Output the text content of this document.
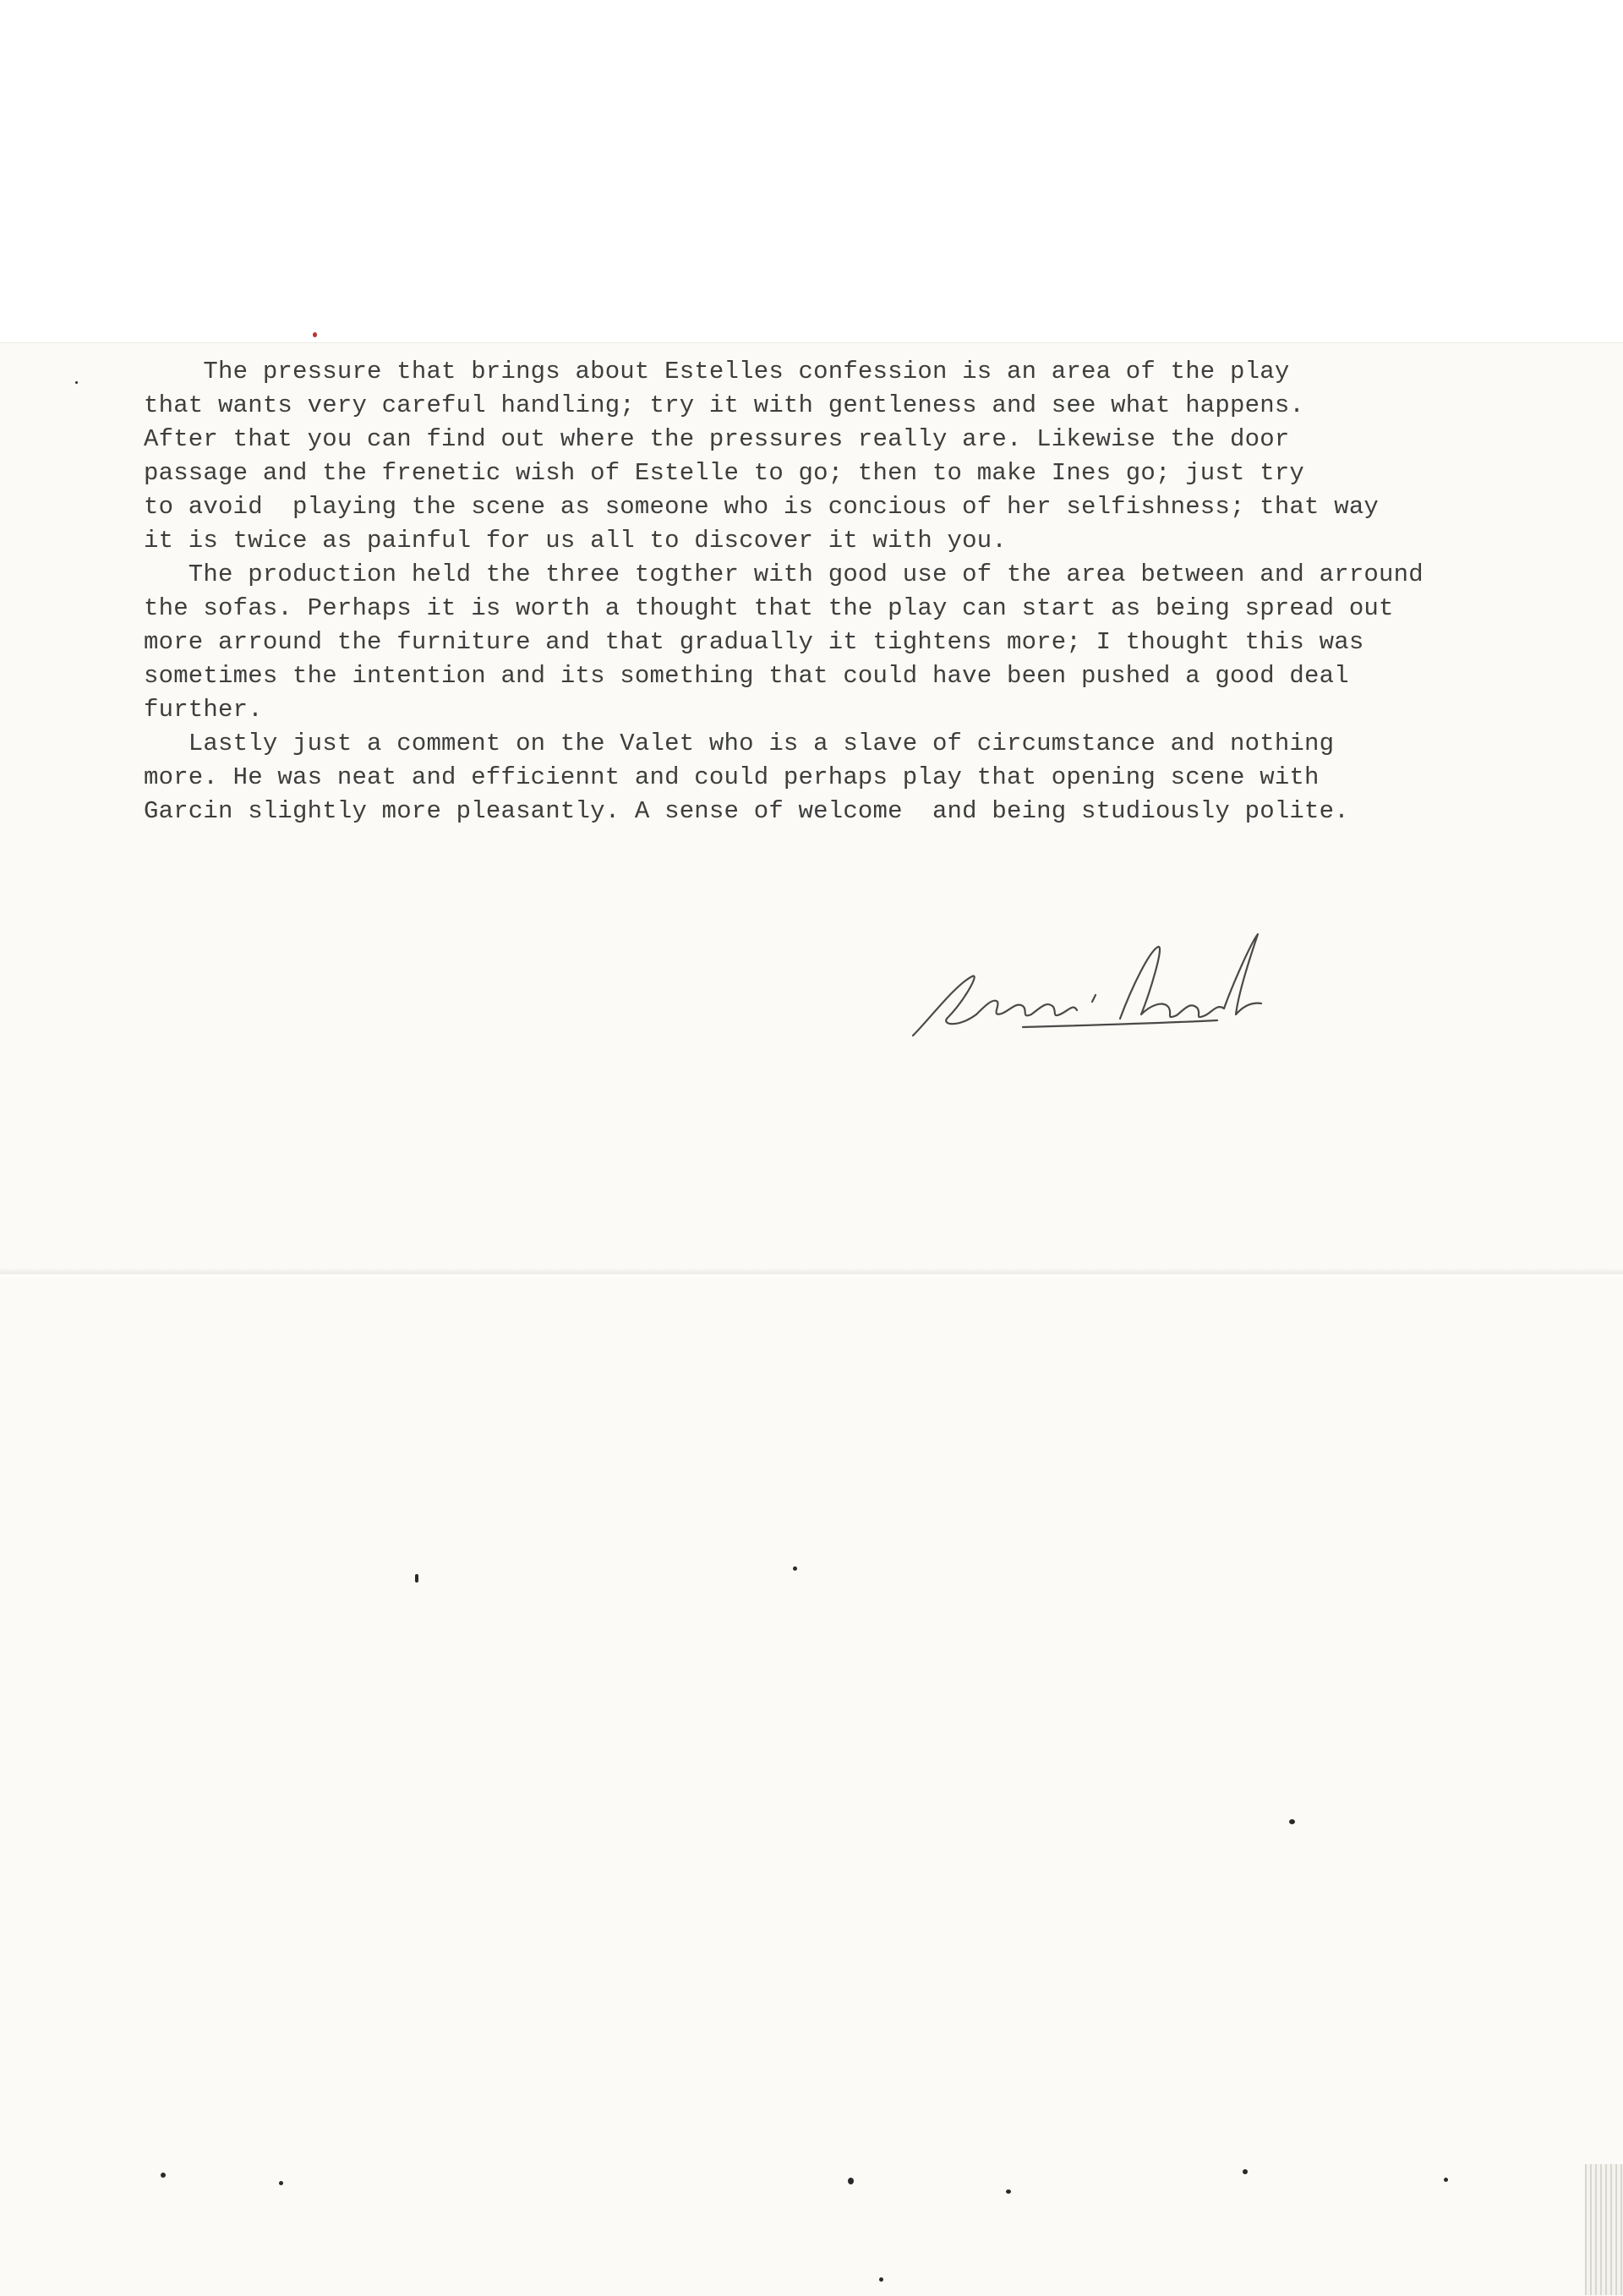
The pressure that brings about Estelles confession is an area of the play

that wants very careful handling; try it with gentleness and see what happens.

After that you can find out where the pressures really are. Likewise the door

passage and the frenetic wish of Estelle to go; then to make Ines go; just try

to avoid  playing the scene as someone who is concious of her selfishness; that way

it is twice as painful for us all to discover it with you.

The production held the three togther with good use of the area between and arround

the sofas. Perhaps it is worth a thought that the play can start as being spread out

more arround the furniture and that gradually it tightens more; I thought this was

sometimes the intention and its something that could have been pushed a good deal

further.

Lastly just a comment on the Valet who is a slave of circumstance and nothing

more. He was neat and efficiennt and could perhaps play that opening scene with

Garcin slightly more pleasantly. A sense of welcome  and being studiously polite.
